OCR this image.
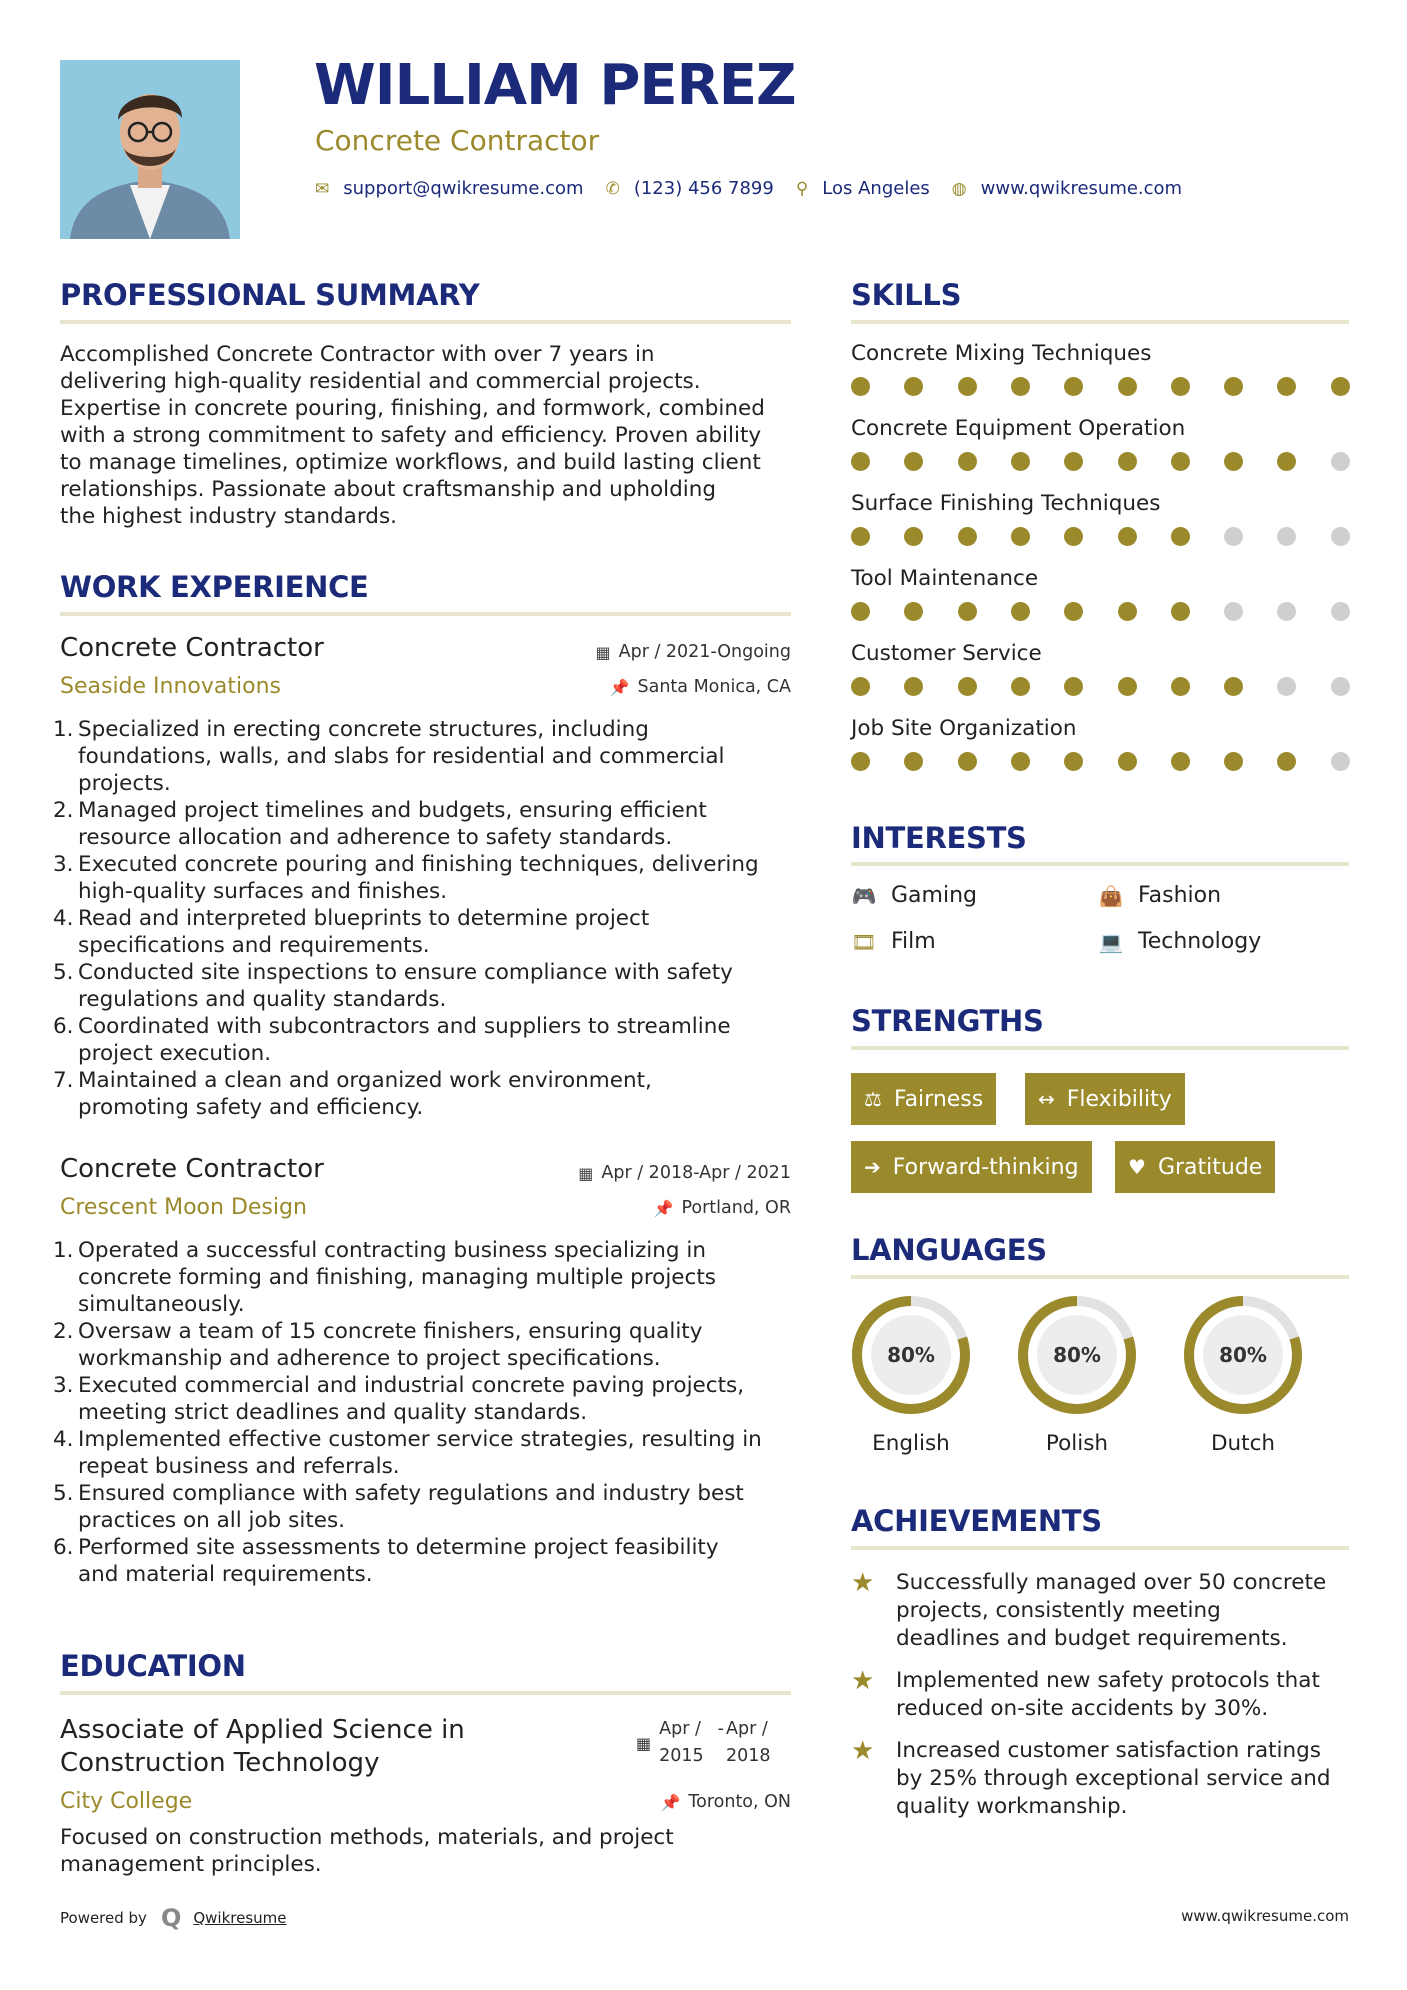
WILLIAM PEREZ
Concrete Contractor
✉ support@qwikresume.com ✆ (123) 456 7899 ⚲ Los Angeles ◍ www.qwikresume.com
PROFESSIONAL SUMMARY
Accomplished Concrete Contractor with over 7 years in
delivering high-quality residential and commercial projects.
Expertise in concrete pouring, finishing, and formwork, combined
with a strong commitment to safety and efficiency. Proven ability
to manage timelines, optimize workflows, and build lasting client
relationships. Passionate about craftsmanship and upholding
the highest industry standards.
WORK EXPERIENCE
Concrete Contractor
Seaside Innovations
▦ Apr / 2021-Ongoing
📌 Santa Monica, CA
1. Specialized in erecting concrete structures, including
foundations, walls, and slabs for residential and commercial
projects.
2. Managed project timelines and budgets, ensuring efficient
resource allocation and adherence to safety standards.
3. Executed concrete pouring and finishing techniques, delivering
high-quality surfaces and finishes.
4. Read and interpreted blueprints to determine project
specifications and requirements.
5. Conducted site inspections to ensure compliance with safety
regulations and quality standards.
6. Coordinated with subcontractors and suppliers to streamline
project execution.
7. Maintained a clean and organized work environment,
promoting safety and efficiency.
Concrete Contractor
Crescent Moon Design
▦ Apr / 2018-Apr / 2021
📌 Portland, OR
1. Operated a successful contracting business specializing in
concrete forming and finishing, managing multiple projects
simultaneously.
2. Oversaw a team of 15 concrete finishers, ensuring quality
workmanship and adherence to project specifications.
3. Executed commercial and industrial concrete paving projects,
meeting strict deadlines and quality standards.
4. Implemented effective customer service strategies, resulting in
repeat business and referrals.
5. Ensured compliance with safety regulations and industry best
practices on all job sites.
6. Performed site assessments to determine project feasibility
and material requirements.
EDUCATION
Associate of Applied Science in
Construction Technology
City College
▦
Apr /
2015
- Apr /
2018
📌 Toronto, ON
Focused on construction methods, materials, and project
management principles.
SKILLS
Concrete Mixing Techniques
Concrete Equipment Operation
Surface Finishing Techniques
Tool Maintenance
Customer Service
Job Site Organization
INTERESTS
🎮 Gaming	👜 Fashion
🎞 Film	💻 Technology
STRENGTHS
⚖ Fairness	↔ Flexibility
➔ Forward-thinking ♥ Gratitude
LANGUAGES
80%
English
80%
Polish
80%
Dutch
ACHIEVEMENTS
★ Successfully managed over 50 concrete
projects, consistently meeting
deadlines and budget requirements.
★ Implemented new safety protocols that
reduced on-site accidents by 30%.
★ Increased customer satisfaction ratings
by 25% through exceptional service and
quality workmanship.
Powered by Q Qwikresume	www.qwikresume.com
